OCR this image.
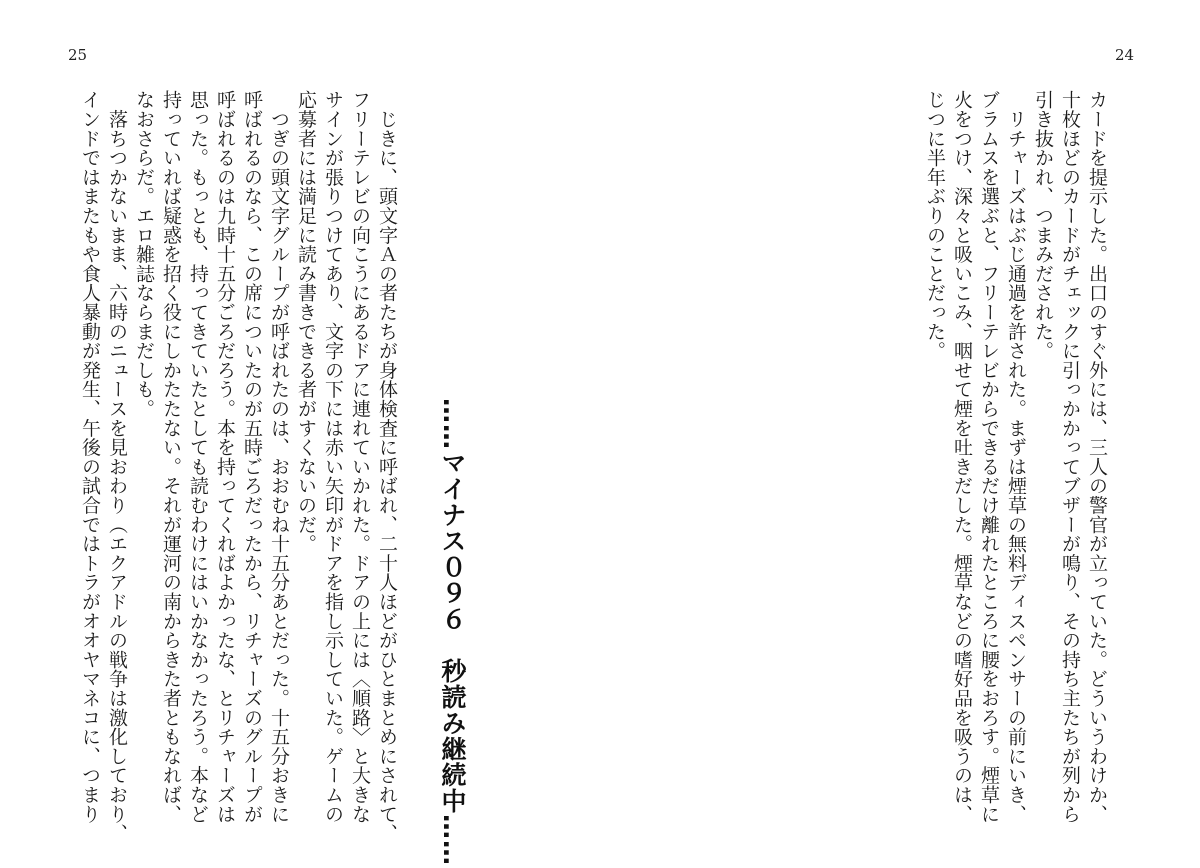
25	24
カードを提示した。出口のすぐ外には、三人の警官が立っていた。どういうわけか、
十枚ほどのカードがチェックに引っかかってブザーが鳴り、その持ち主たちが列から
引き抜かれ、つまみだされた。
　リチャーズはぶじ通過を許された。まずは煙草の無料ディスペンサーの前にいき、
ブラムスを選ぶと、フリーテレビからできるだけ離れたところに腰をおろす。煙草に
火をつけ、深々と吸いこみ、咽せて煙を吐きだした。煙草などの嗜好品を吸うのは、
じつに半年ぶりのことだった。
……マイナス０９６　秒読み継続中……
　じきに、頭文字Ａの者たちが身体検査に呼ばれ、二十人ほどがひとまとめにされて、
フリーテレビの向こうにあるドアに連れていかれた。ドアの上には〈順路〉と大きな
サインが張りつけてあり、文字の下には赤い矢印がドアを指し示していた。ゲームの
応募者には満足に読み書きできる者がすくないのだ。
　つぎの頭文字グループが呼ばれたのは、おおむね十五分あとだった。十五分おきに
呼ばれるのなら、この席についたのが五時ごろだったから、リチャーズのグループが
呼ばれるのは九時十五分ごろだろう。本を持ってくればよかったな、とリチャーズは
思った。もっとも、持ってきていたとしても読むわけにはいかなかったろう。本など
持っていれば疑惑を招く役にしかたたない。それが運河の南からきた者ともなれば、
なおさらだ。エロ雑誌ならまだしも。
　落ちつかないまま、六時のニュースを見おわり（エクアドルの戦争は激化しており、
インドではまたもや食人暴動が発生、午後の試合ではトラがオオヤマネコに、つまり
